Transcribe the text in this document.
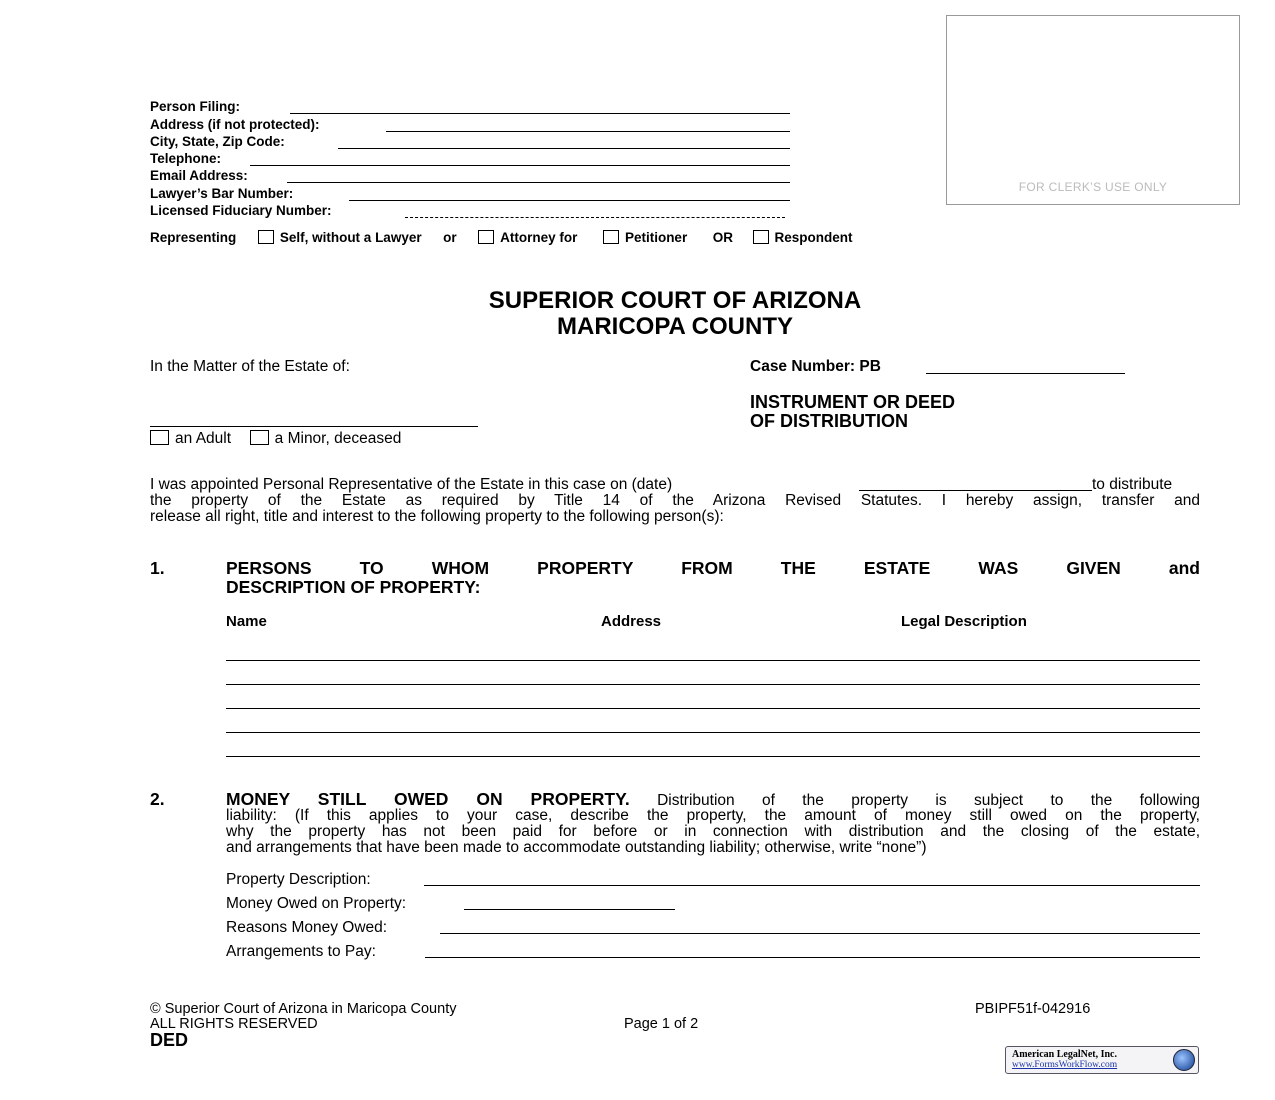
Person Filing:
Address (if not protected):
City, State, Zip Code:
Telephone:
Email Address:
Lawyer’s Bar Number:
Licensed Fiduciary Number:
Representing	Self, without a Lawyer or	Attorney for	Petitioner OR	Respondent
FOR CLERK’S USE ONLY
SUPERIOR COURT OF ARIZONA
MARICOPA COUNTY
In the Matter of the Estate of:
an Adult	a Minor, deceased
Case Number: PB
INSTRUMENT OR DEED
OF DISTRIBUTION
I was appointed Personal Representative of the Estate in this case on (date)	to distribute
the property of the Estate as required by Title 14 of the Arizona Revised Statutes. I hereby assign, transfer and
release all right, title and interest to the following property to the following person(s):
1.	PERSONS TO WHOM PROPERTY FROM THE ESTATE WAS GIVEN and
DESCRIPTION OF PROPERTY:
Name	Address	Legal Description
2.	MONEY STILL OWED ON PROPERTY. Distribution of the property is subject to the following
liability: (If this applies to your case, describe the property, the amount of money still owed on the property,
why the property has not been paid for before or in connection with distribution and the closing of the estate,
and arrangements that have been made to accommodate outstanding liability; otherwise, write “none”)
Property Description:
Money Owed on Property:
Reasons Money Owed:
Arrangements to Pay:
© Superior Court of Arizona in Maricopa County
ALL RIGHTS RESERVED	Page 1 of 2
PBIPF51f-042916
DED
American LegalNet, Inc.
www.FormsWorkFlow.com
